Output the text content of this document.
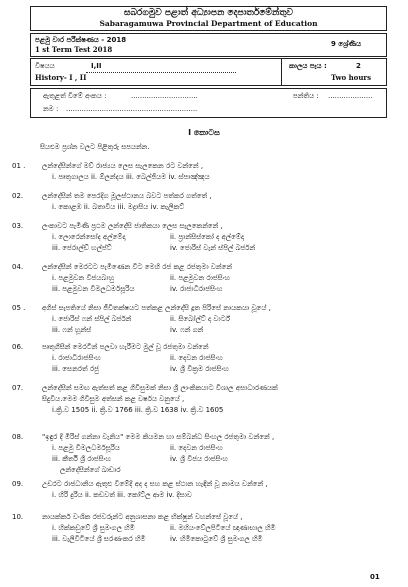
සබරගමුව පළාත් අධ්‍යාපන දෙපාර්තමේන්තුව
Sabaragamuwa Provincial Department of Education
පළමු වාර පරීක්ෂණය - 2018
1 st Term Test 2018
9 ශ්‍රේණිය
විෂයය	I,II
History- I , II
කාලය පැය :	2
Two hours
ඇතුළත් වීමේ අංකය :	..............................	පන්තිය : ....................
නම : ...........................................................
I කොටස
සියළුම ප්‍රශ්න වලට පිළිතුරු සපයන්න.
01 . ලන්දේසීන්ගේ මව් රාජ්‍යය ලෙස සැලකෙන රට වන්නේ ,
i. පෘතුගාලය ii. ඕලන්දය iii. බෙල්ජියම iv. ස්පාඤ්ඤය
02.	ලන්දේසීන් තම පෙරදිග මූලස්ථානය බවට පත්කර ගත්තේ ,
i. කොළඹ ii. බතාවිය iii. මද්‍රාසිය iv. කැලිකට්
03.	ලංකාවට පැමිණි ප්‍රථම ලන්දේසි ජාතිකයා ලෙස සැලකෙන්නේ ,
i. ලොරෙන්සෝද අල්මේදා	ii. ප්‍රාන්සිස්කෝ ද අල්මේදා
iii. ජෙරාල්ඩ් හල්ප්ට්	iv. ජොරිස් වැන් ස්පිල් බර්ජන්
04.	ලන්දේසීන් මෙරටට පැමිණෙන විට මෙහි රජ කළ රජතුමා වන්නේ
i. පළමුවන විජයබාහු	ii. පළමුවන රාජසිංහ
iii. පළමුවන විමලධර්මසූරිය	iv. රාජාධිරාජසිංහ
05 . අගිස් සැපතියේ නිසා ජීවිතක්ෂයට පත්කළ ලන්දේසි දූත පිරිසේ නායකයා වූයේ ,
i. ජොරිස් ෆන් ස්පිල් බර්ජන්	ii. සිබෝල්ට් ද වාර්ට්
iii. ෆන් හූන්ස්	iv. ෆන් ගන්
06.	පෘතුගීසීන් මෙරටින් පලවා හැරීමට මුල් වූ රජතුමා වන්නේ
i. රාජාධිරාජසිංහ	ii. දෙවන රාජසිංහ
iii. සෙනරත් රජු	iv. ශ්‍රී වික්‍රම රාජසිංහ
07.	ලන්දේසීන් සමඟ ඇත්සත් කළ ගිවිසුමක් නිසා ශ්‍රී ලාංකිකයාට විශාල අසාධාරණයක්
සිදුවිය.මෙම ගිවිසුම අත්සන් කළ වර්ෂය වනුයේ ,
i.ක්‍රි.ව 1505 ii. ක්‍රි.ව 1766 iii. ක්‍රි.ව 1638 iv. ක්‍රි.ව 1605
08.	"ඉඳුර දී මිරිස් ගන්නා වැනිය" මෙම කියමන හා සම්බන්ධ සිංහල රජතුමා වන්නේ ,
i. පළමු විමලධර්මසූරිය	ii. දෙවන රාජසිංහ
iii. කීර්ති ශ්‍රී රාජසිංහ	iv. ශ්‍රී විජය රාජසිංහ
ලන්දේසීන්ගේ ඛාඩාර
09.	උඩරට රාජධානිය ඇතුළු වීමේදී අද ද සහ කළ ස්ථාන හැඳින් වූ නාමය වන්නේ ,
i. හිරි දුරිය ii. කඩවත් iii. කෝට්ල ආම iv. දිසාව
10.	නායක්කර් වංශික රජවරුන්ට අනුශාසනා කළ භික්ෂුන් වහන්සේ වූයේ ,
i. හික්කඩුවේ ශ්‍රී සුමංගල හිමි	ii. මහියංවේලපිටියේ ඥාණාභාල හිමි
iii. වැලිවිටියේ ශ්‍රී සරණංකර හිමි	iv. හිමිකොටුවේ ශ්‍රී සුමංගල හිමි
01
